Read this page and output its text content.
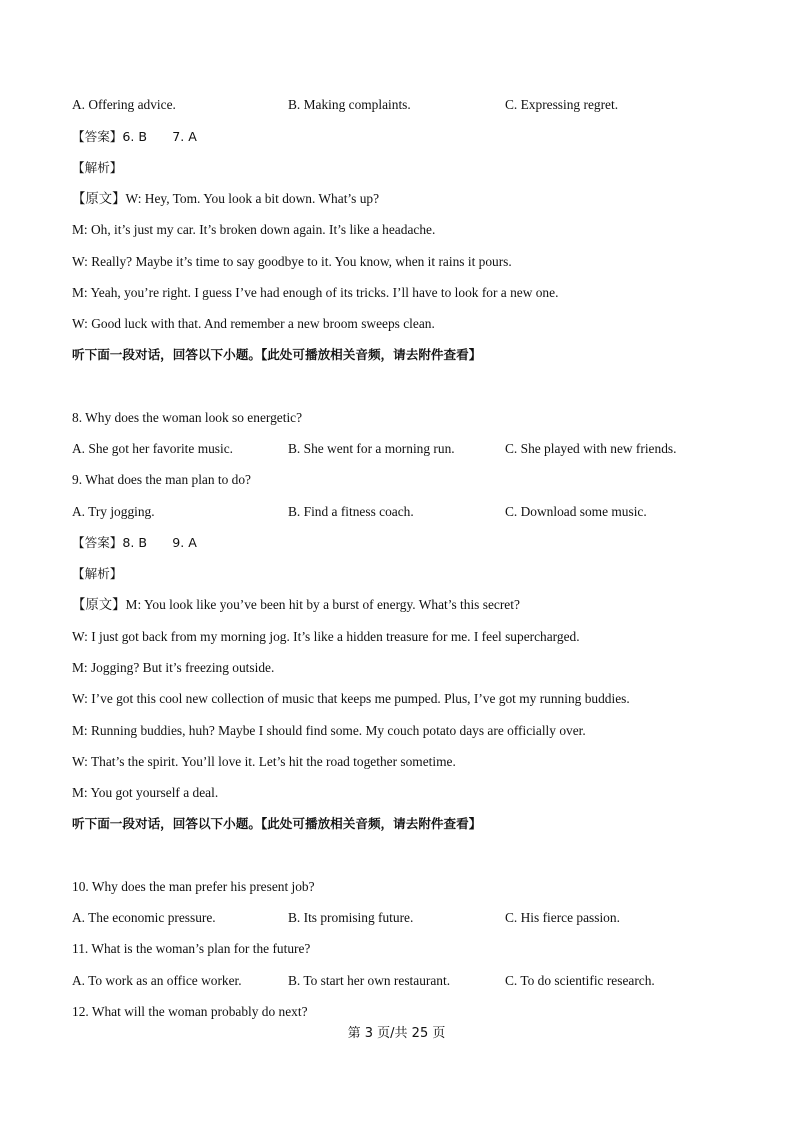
A. Offering advice.	B. Making complaints.	C. Expressing regret.
【答案】6. B　　7. A
【解析】
【原文】W: Hey, Tom. You look a bit down. What’s up?
M: Oh, it’s just my car. It’s broken down again. It’s like a headache.
W: Really? Maybe it’s time to say goodbye to it. You know, when it rains it pours.
M: Yeah, you’re right. I guess I’ve had enough of its tricks. I’ll have to look for a new one.
W: Good luck with that. And remember a new broom sweeps clean.
听下面一段对话，回答以下小题。【此处可播放相关音频，请去附件查看】
8. Why does the woman look so energetic?
A. She got her favorite music.	B. She went for a morning run.	C. She played with new friends.
9. What does the man plan to do?
A. Try jogging.	B. Find a fitness coach.	C. Download some music.
【答案】8. B　　9. A
【解析】
【原文】M: You look like you’ve been hit by a burst of energy. What’s this secret?
W: I just got back from my morning jog. It’s like a hidden treasure for me. I feel supercharged.
M: Jogging? But it’s freezing outside.
W: I’ve got this cool new collection of music that keeps me pumped. Plus, I’ve got my running buddies.
M: Running buddies, huh? Maybe I should find some. My couch potato days are officially over.
W: That’s the spirit. You’ll love it. Let’s hit the road together sometime.
M: You got yourself a deal.
听下面一段对话，回答以下小题。【此处可播放相关音频，请去附件查看】
10. Why does the man prefer his present job?
A. The economic pressure.	B. Its promising future.	C. His fierce passion.
11. What is the woman’s plan for the future?
A. To work as an office worker.	B. To start her own restaurant.	C. To do scientific research.
12. What will the woman probably do next?
第 3 页/共 25 页
